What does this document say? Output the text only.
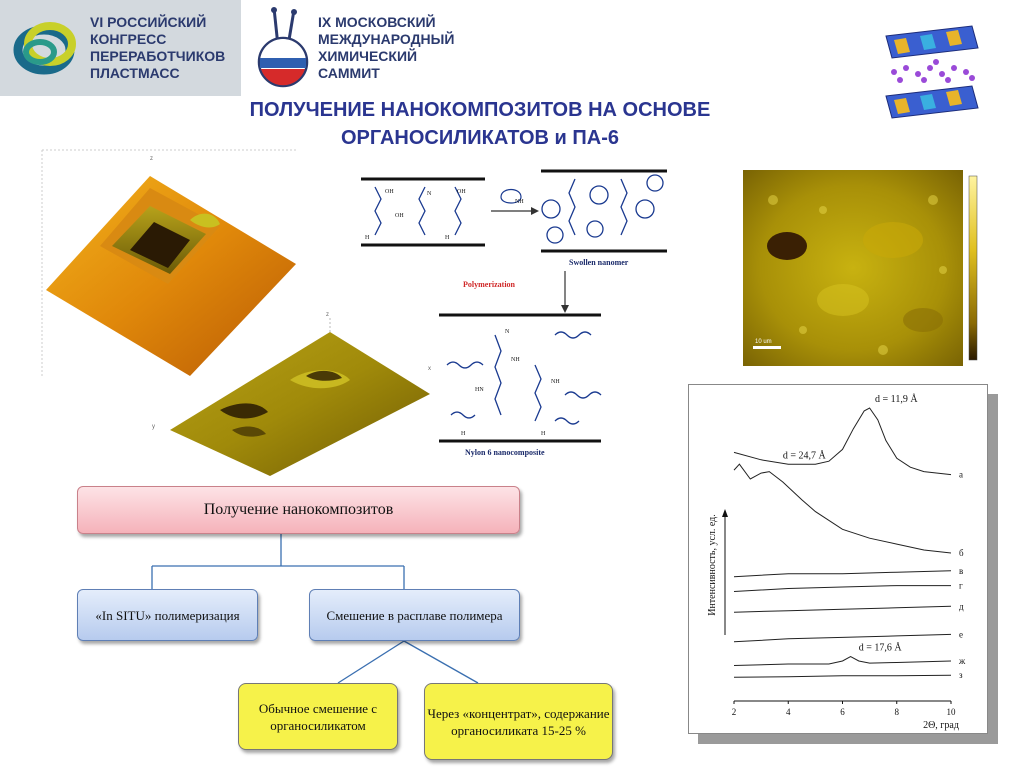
VI РОССИЙСКИЙ
КОНГРЕСС
ПЕРЕРАБОТЧИКОВ
ПЛАСТМАСС
IX МОСКОВСКИЙ
МЕЖДУНАРОДНЫЙ
ХИМИЧЕСКИЙ
САММИТ
ПОЛУЧЕНИЕ НАНОКОМПОЗИТОВ НА ОСНОВЕ
ОРГАНОСИЛИКАТОВ и ПА-6
z
z
y
x
OH	N	OH
OH
H	H
NH
Swollen nanomer
Polymerization
N
NH
HN
NH
H	H
Nylon 6 nanocomposite
10 um
Получение нанокомпозитов
«In SITU» полимеризация	Смешение в расплаве полимера
Обычное смешение с органосиликатом
Через «концентрат», содержание органосиликата 15-25 %
2	4	6	8	10
2Θ, град
Интенсивность, усл. ед.
а
б
в
г
д
е
ж
з
d = 11,9 Å
d = 24,7 Å
d = 17,6 Å
